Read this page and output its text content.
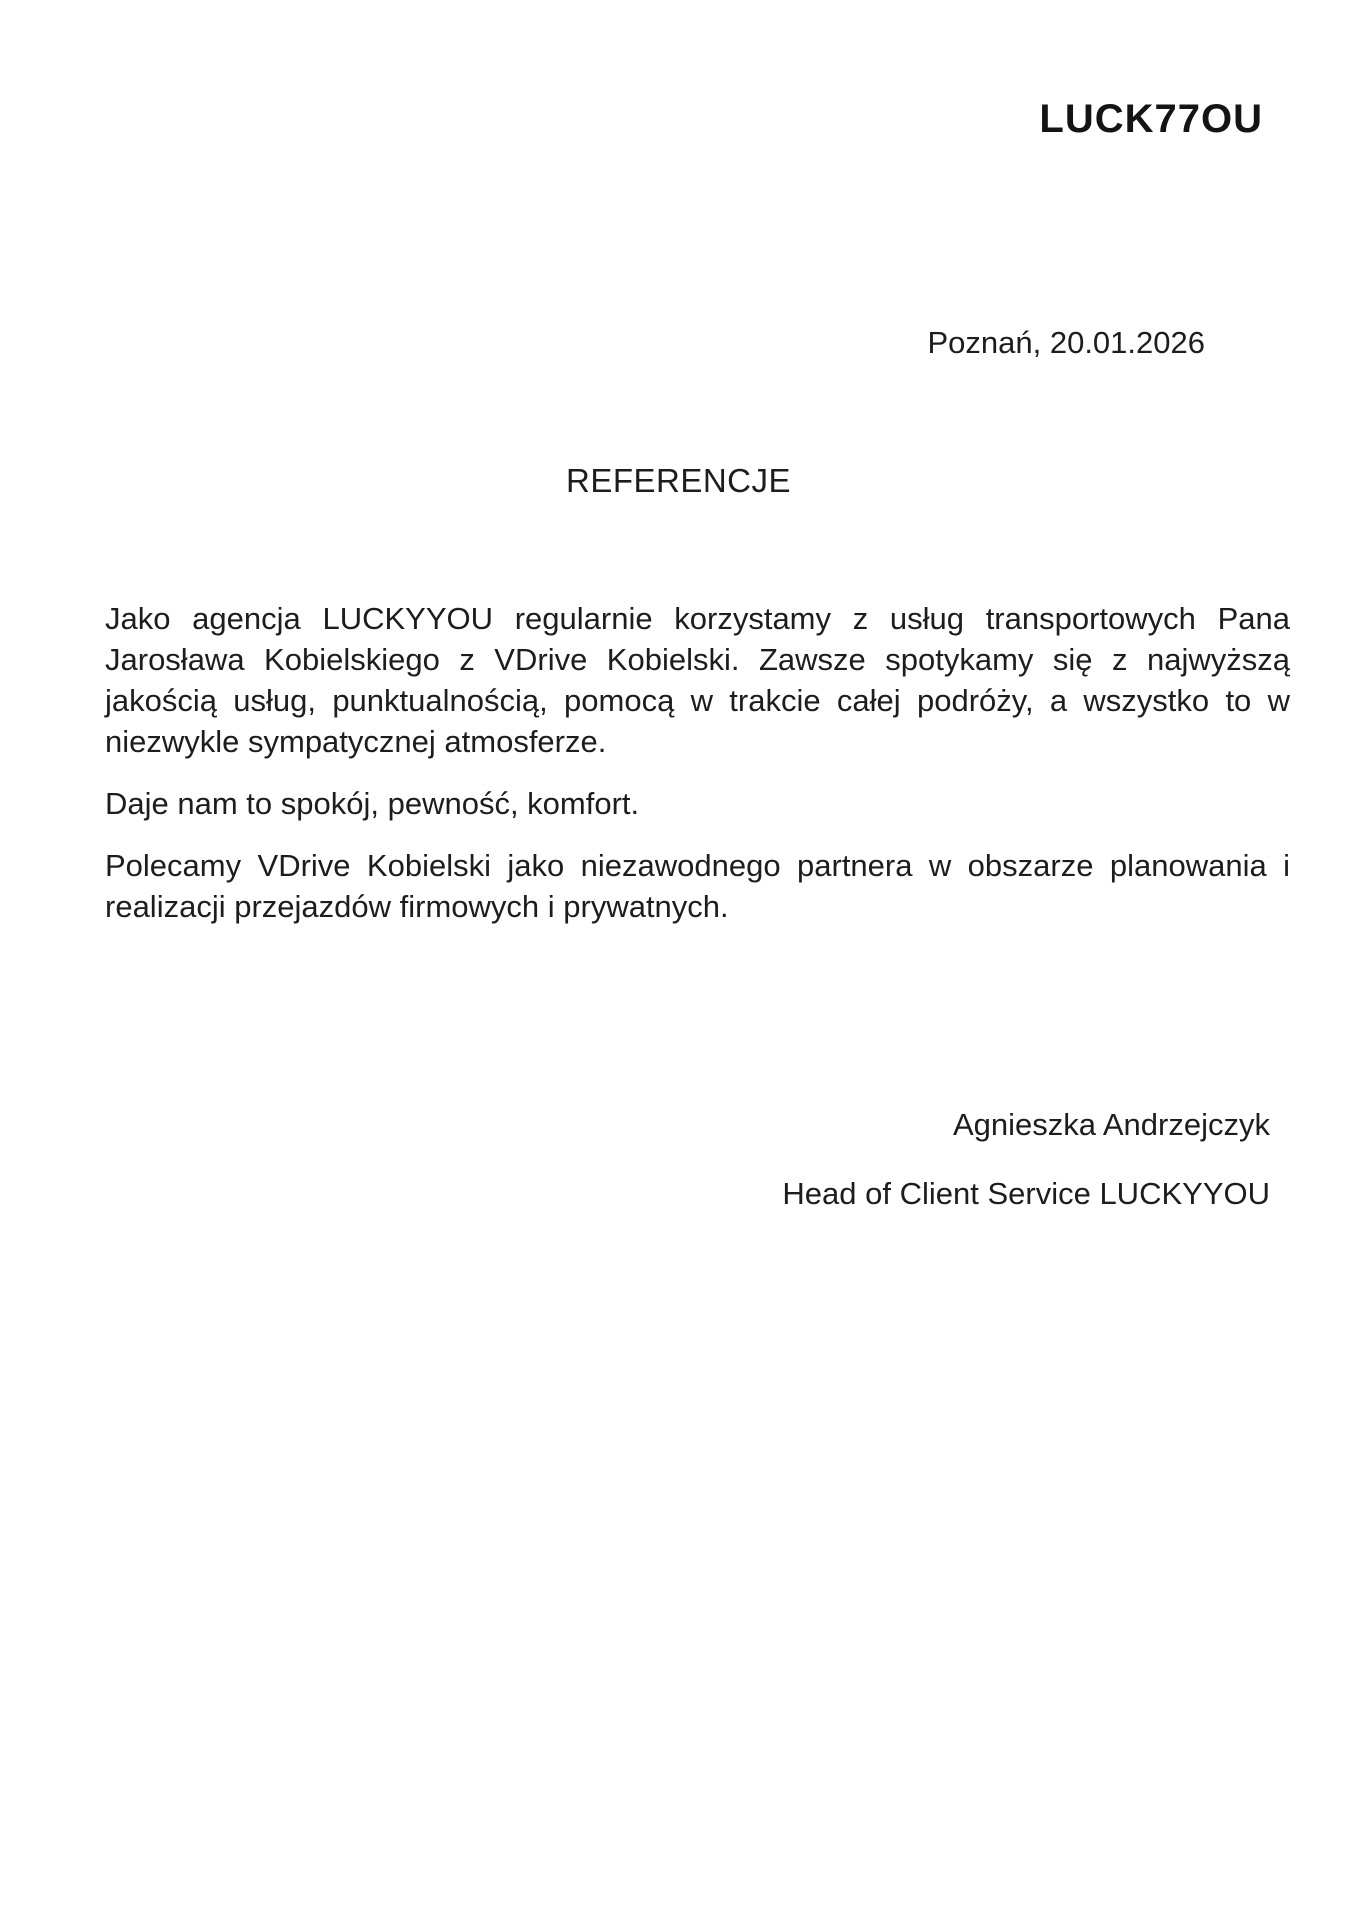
LUCK77OU
Poznań, 20.01.2026
REFERENCJE

Jako agencja LUCKYYOU regularnie korzystamy z usług transportowych Pana
Jarosława Kobielskiego z VDrive Kobielski. Zawsze spotykamy się z najwyższą
jakością usług, punktualnością, pomocą w trakcie całej podróży, a wszystko to w
niezwykle sympatycznej atmosferze.

Daje nam to spokój, pewność, komfort.

Polecamy VDrive Kobielski jako niezawodnego partnera w obszarze planowania i
realizacji przejazdów firmowych i prywatnych.

Agnieszka Andrzejczyk
Head of Client Service LUCKYYOU
